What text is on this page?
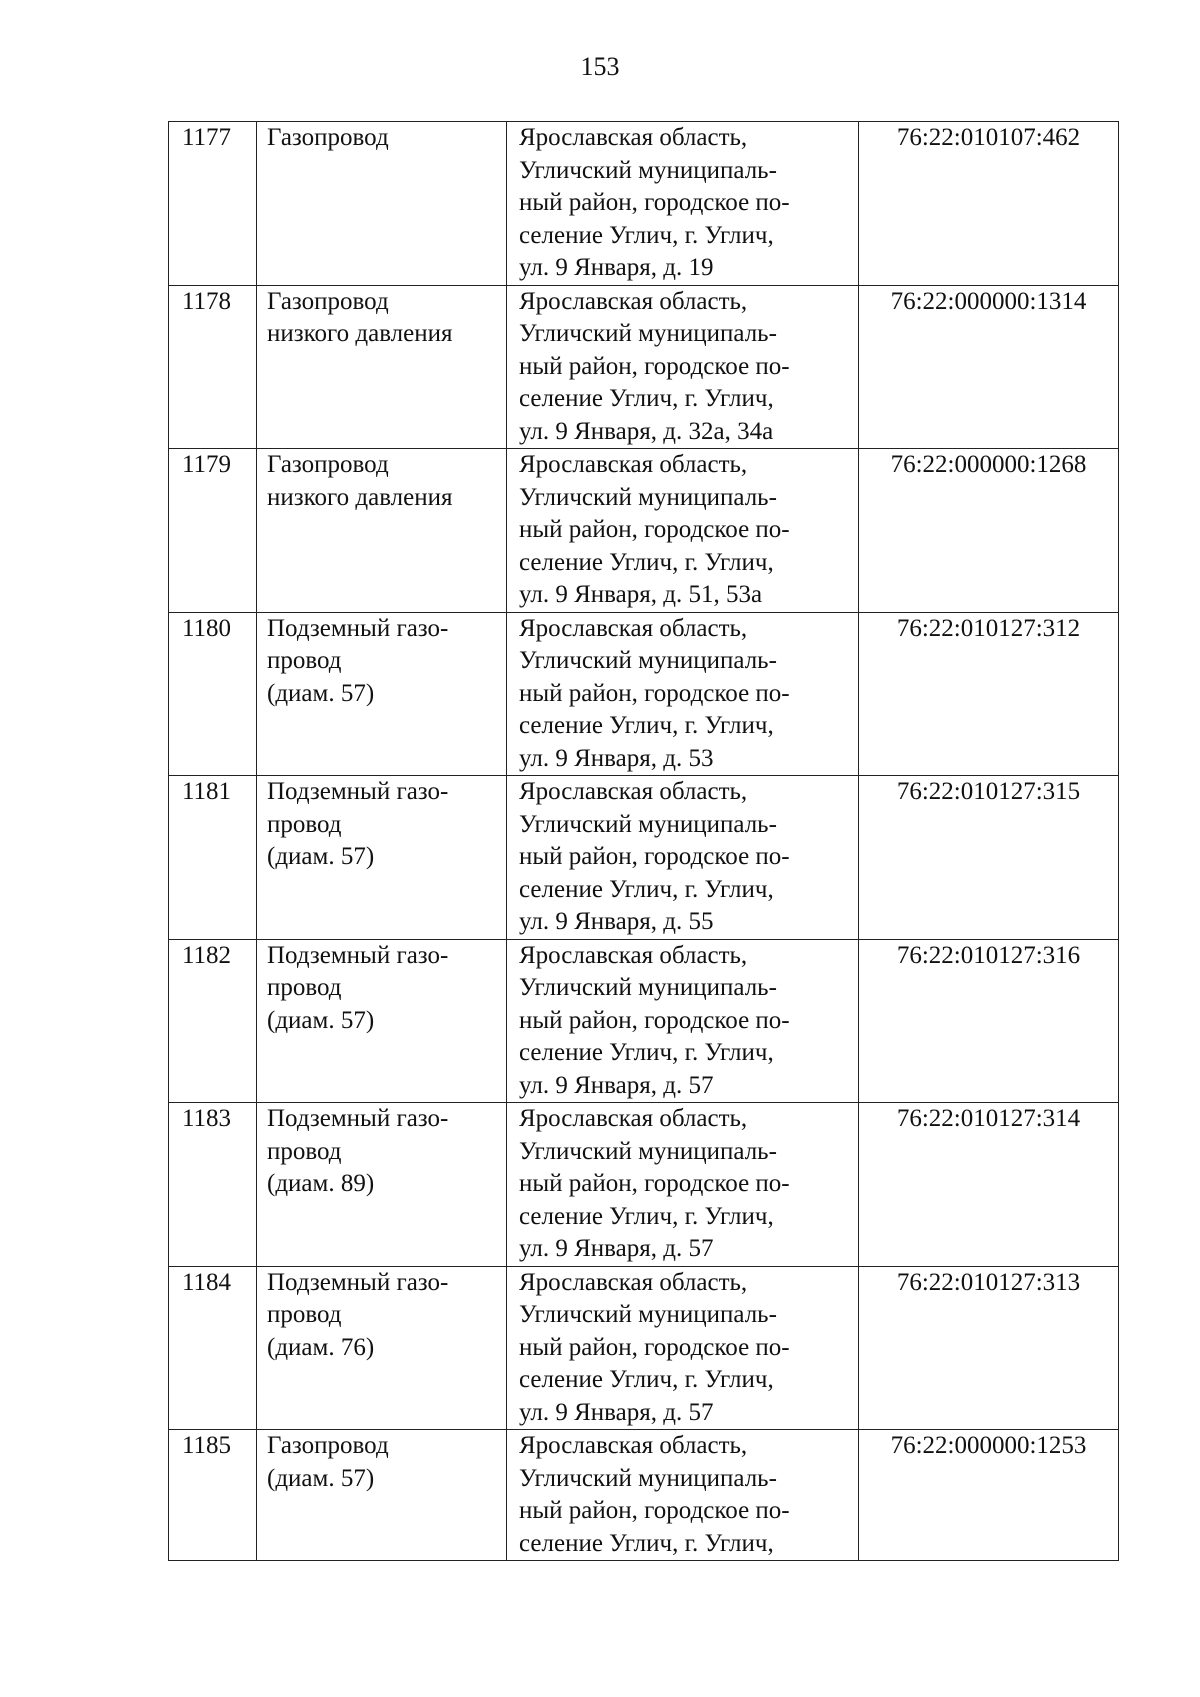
153
1177	Газопровод	Ярославская область,
Угличский муниципаль-
ный район, городское по-
селение Углич, г. Углич,
ул. 9 Января, д. 19	76:22:010107:462
1178	Газопровод
низкого давления	Ярославская область,
Угличский муниципаль-
ный район, городское по-
селение Углич, г. Углич,
ул. 9 Января, д. 32а, 34а	76:22:000000:1314
1179	Газопровод
низкого давления	Ярославская область,
Угличский муниципаль-
ный район, городское по-
селение Углич, г. Углич,
ул. 9 Января, д. 51, 53а	76:22:000000:1268
1180	Подземный газо-
провод
(диам. 57)	Ярославская область,
Угличский муниципаль-
ный район, городское по-
селение Углич, г. Углич,
ул. 9 Января, д. 53	76:22:010127:312
1181	Подземный газо-
провод
(диам. 57)	Ярославская область,
Угличский муниципаль-
ный район, городское по-
селение Углич, г. Углич,
ул. 9 Января, д. 55	76:22:010127:315
1182	Подземный газо-
провод
(диам. 57)	Ярославская область,
Угличский муниципаль-
ный район, городское по-
селение Углич, г. Углич,
ул. 9 Января, д. 57	76:22:010127:316
1183	Подземный газо-
провод
(диам. 89)	Ярославская область,
Угличский муниципаль-
ный район, городское по-
селение Углич, г. Углич,
ул. 9 Января, д. 57	76:22:010127:314
1184	Подземный газо-
провод
(диам. 76)	Ярославская область,
Угличский муниципаль-
ный район, городское по-
селение Углич, г. Углич,
ул. 9 Января, д. 57	76:22:010127:313
1185	Газопровод
(диам. 57)	Ярославская область,
Угличский муниципаль-
ный район, городское по-
селение Углич, г. Углич,	76:22:000000:1253
